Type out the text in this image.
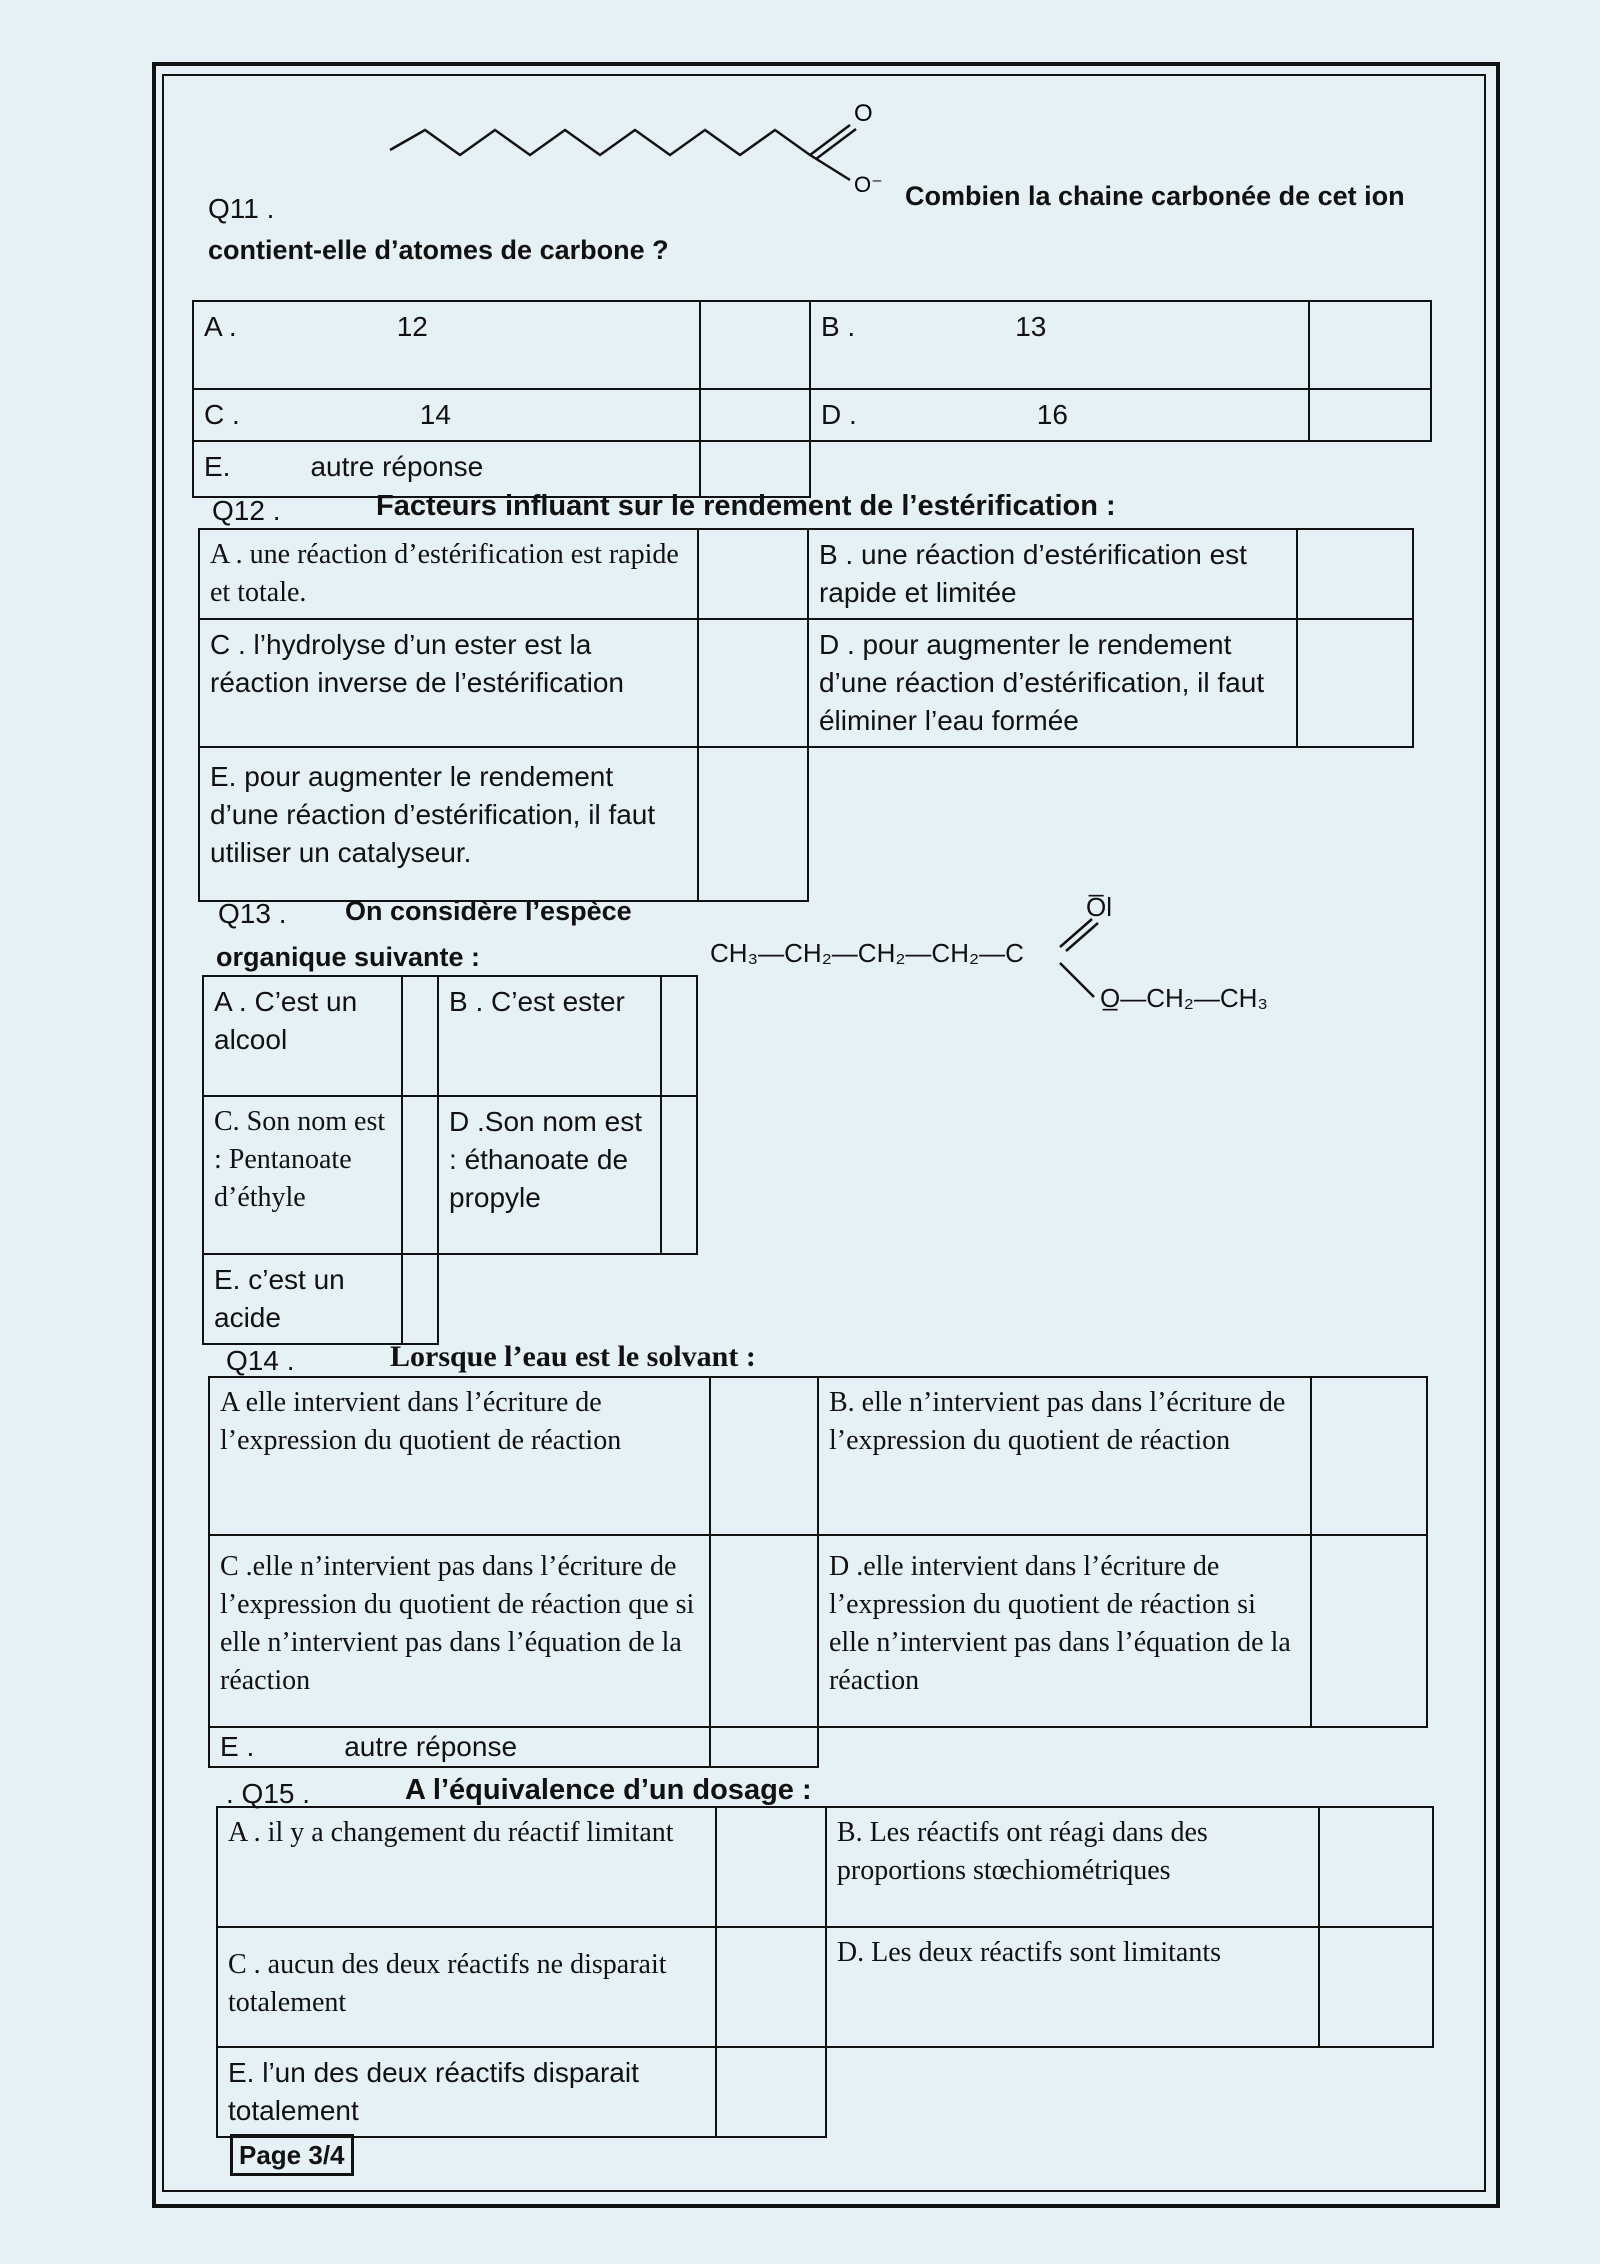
O
O⁻
Q11 .	Combien la chaine carbonée de cet ion
contient-elle d’atomes de carbone ?
A . 12		B . 13	
C . 14		D . 16	
E. autre réponse			
Q12 .	Facteurs influant sur le rendement de l’estérification :
A . une réaction d’estérification est rapide et totale.		B . une réaction d’estérification est rapide et limitée	
C . l’hydrolyse d’un ester est la réaction inverse de l’estérification		D . pour augmenter le rendement d’une réaction d’estérification, il faut éliminer l’eau formée	
E. pour augmenter le rendement d’une réaction d’estérification, il faut utiliser un catalyseur.			
Q13 . On considère l’espèce
organique suivante :	CH₃—CH₂—CH₂—CH₂—C
O̅l
O̲—CH₂—CH₃
A . C’est un alcool		B . C’est ester	
C. Son nom est : Pentanoate d’éthyle		D .Son nom est : éthanoate de propyle	
E. c’est un acide			
Q14 .	Lorsque l’eau est le solvant :
A elle intervient dans l’écriture de l’expression du quotient de réaction		B. elle n’intervient pas dans l’écriture de l’expression du quotient de réaction	
C .elle n’intervient pas dans l’écriture de l’expression du quotient de réaction que si elle n’intervient pas dans l’équation de la réaction		D .elle intervient dans l’écriture de l’expression du quotient de réaction si elle n’intervient pas dans l’équation de la réaction	
E . autre réponse			
. Q15 .	A l’équivalence d’un dosage :
A . il y a changement du réactif limitant		B. Les réactifs ont réagi dans des proportions stœchiométriques	
C . aucun des deux réactifs ne disparait totalement		D. Les deux réactifs sont limitants	
E. l’un des deux réactifs disparait totalement			
Page 3/4
